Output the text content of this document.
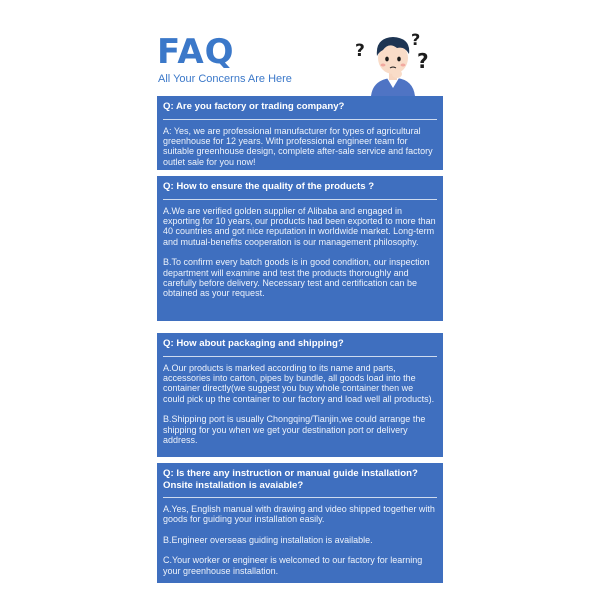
FAQ

All Your Concerns Are Here

?
?
?
Q: Are you factory or trading company?

A: Yes, we are professional manufacturer for types of agricultural greenhouse for 12 years. With professional engineer team for suitable greenhouse design, complete after-sale service and factory outlet sale for you now!

Q: How to ensure the quality of the products ?

A.We are verified golden supplier of Alibaba and engaged in exporting for 10 years, our products had been exported to more than 40 countries and got nice reputation in worldwide market. Long-term and mutual-benefits cooperation is our management philosophy.

B.To confirm every batch goods is in good condition, our inspection department will examine and test the products thoroughly and carefully before delivery. Necessary test and certification can be obtained as your request.

Q: How about packaging and shipping?

A.Our products is marked according to its name and parts, accessories into carton, pipes by bundle, all goods load into the container directly(we suggest you buy whole container then we could pick up the container to our factory and load well all products).

B.Shipping port is usually Chongqing/Tianjin,we could arrange the shipping for you when we get your destination port or delivery address.

Q: Is there any instruction or manual guide installation? Onsite installation is avaiable?

A.Yes, English manual with drawing and video shipped together with goods for guiding your installation easily.

B.Engineer overseas guiding installation is available.

C.Your worker or engineer is welcomed to our factory for learning your greenhouse installation.
